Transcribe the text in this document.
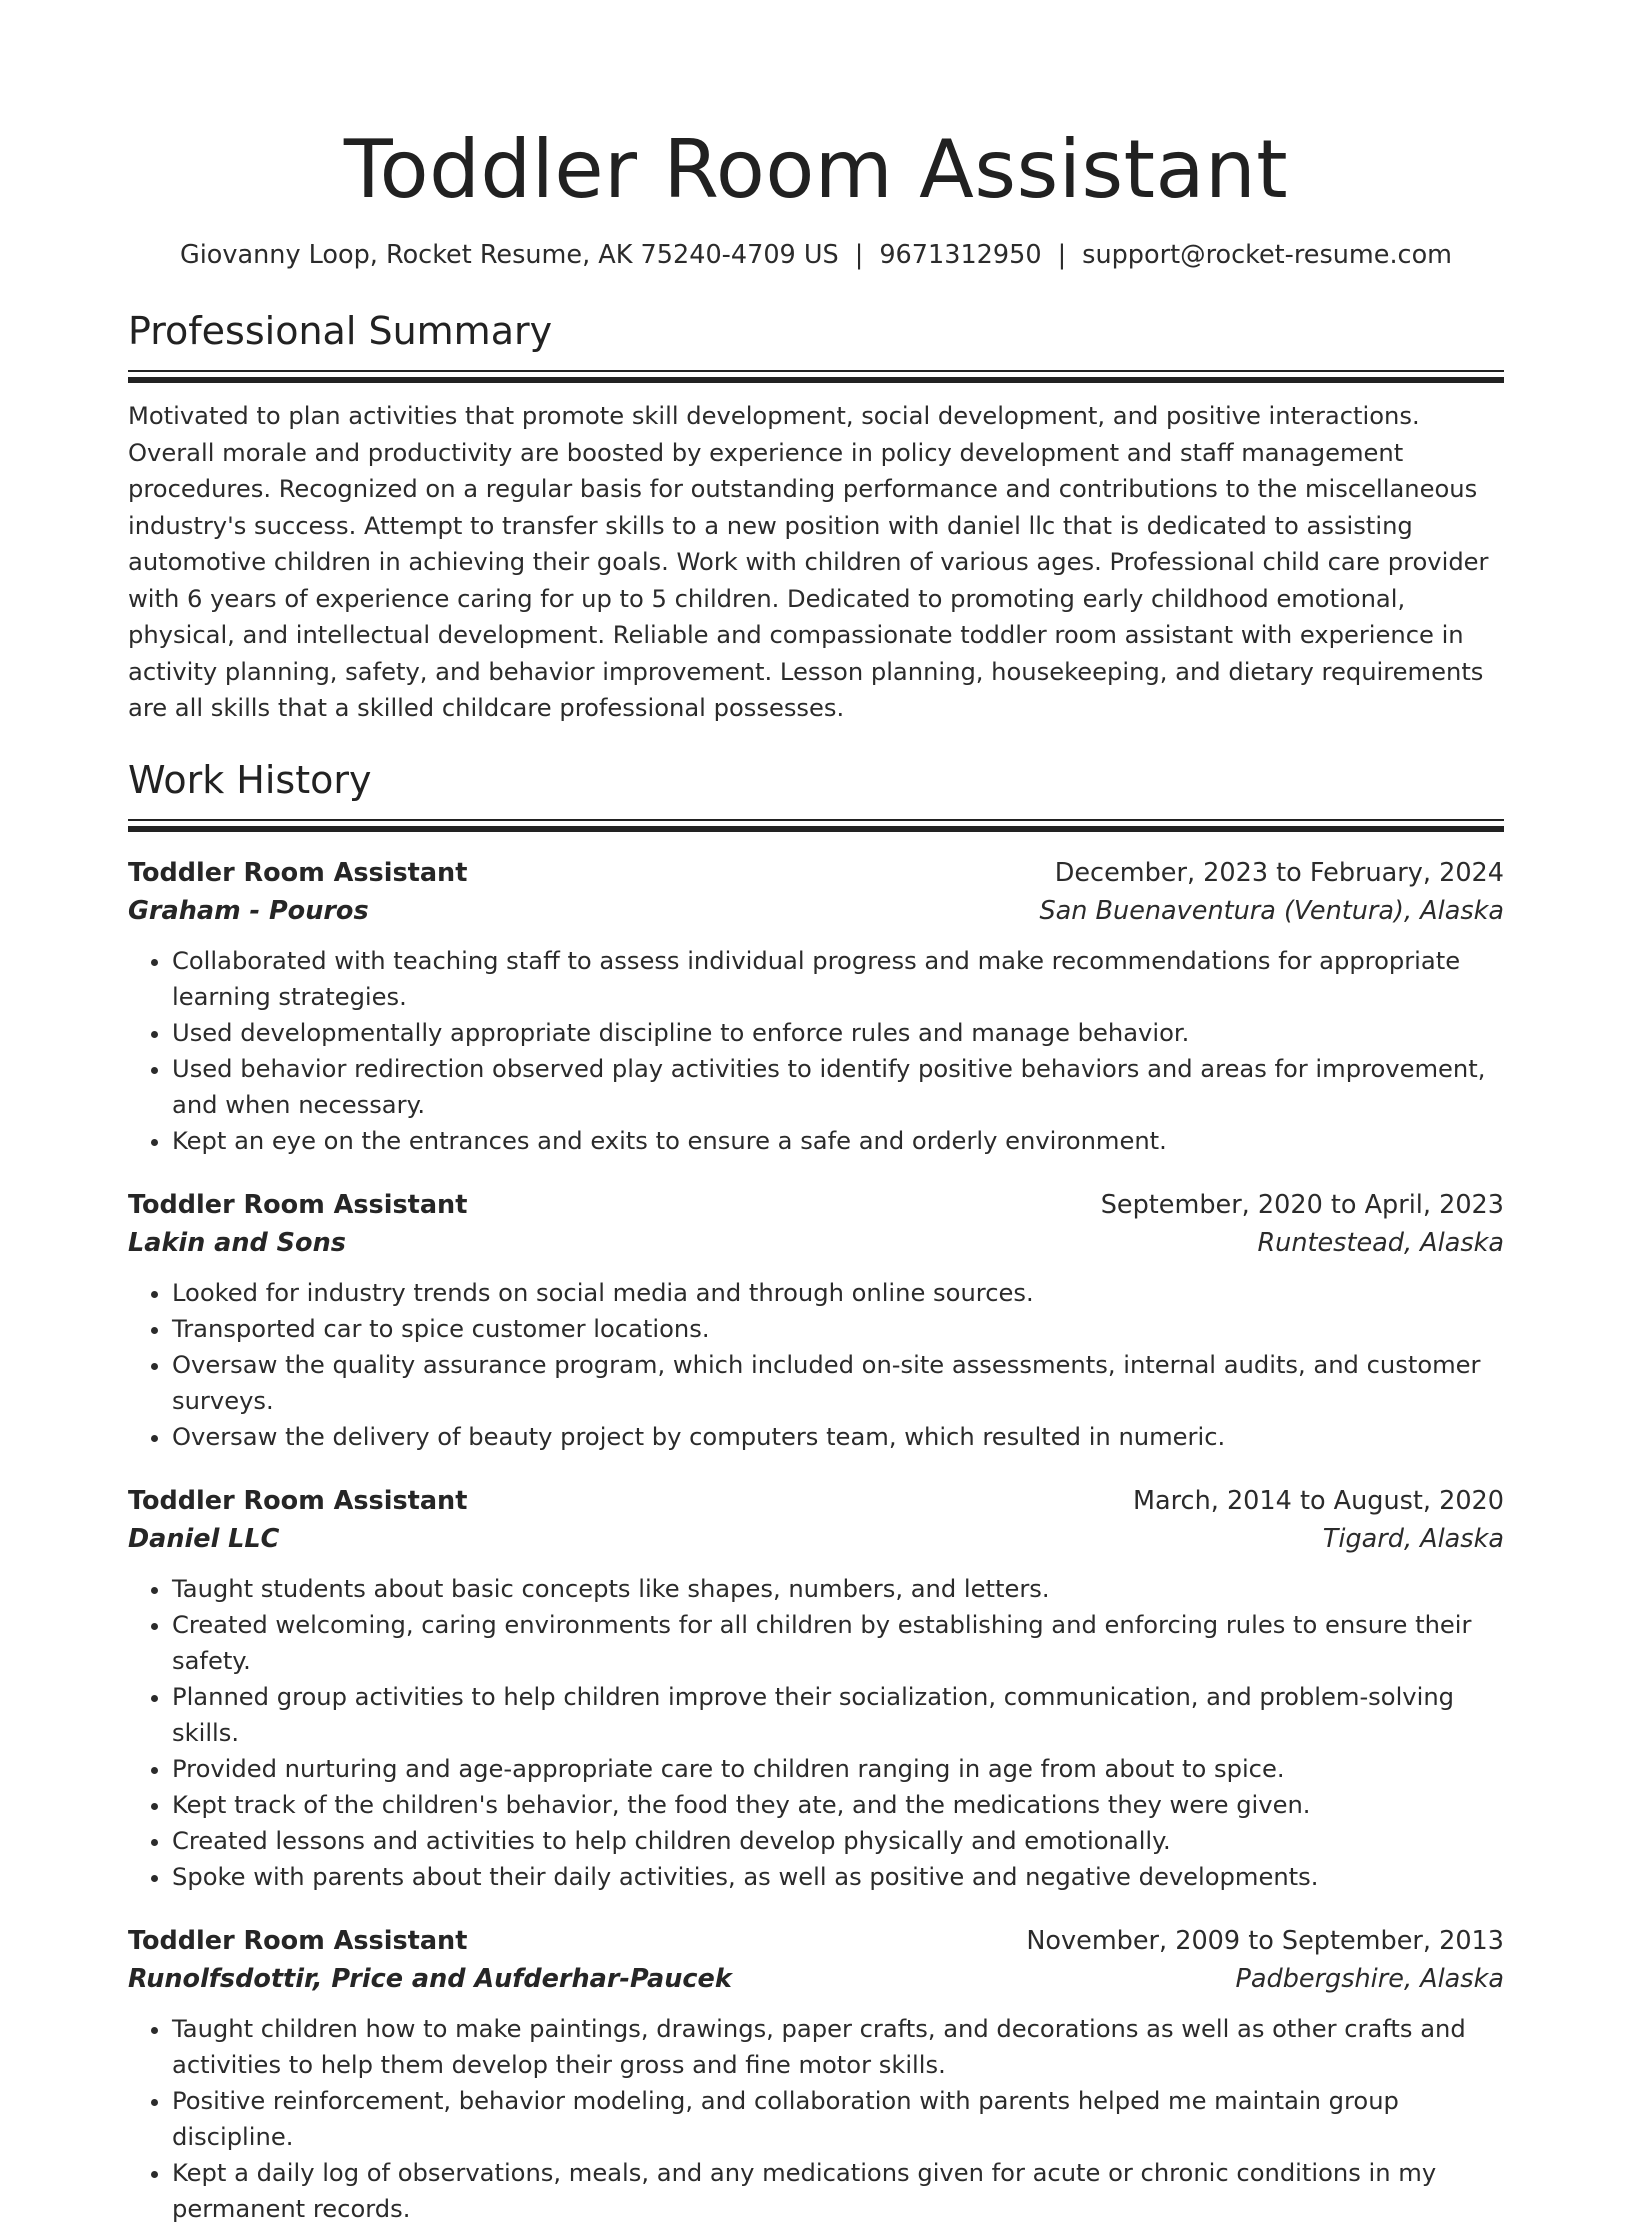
Toddler Room Assistant
Giovanny Loop, Rocket Resume, AK 75240-4709 US | 9671312950 | support@rocket-resume.com
Professional Summary

Motivated to plan activities that promote skill development, social development, and positive interactions. Overall morale and productivity are boosted by experience in policy development and staff management procedures. Recognized on a regular basis for outstanding performance and contributions to the miscellaneous industry's success. Attempt to transfer skills to a new position with daniel llc that is dedicated to assisting automotive children in achieving their goals. Work with children of various ages. Professional child care provider with 6 years of experience caring for up to 5 children. Dedicated to promoting early childhood emotional, physical, and intellectual development. Reliable and compassionate toddler room assistant with experience in activity planning, safety, and behavior improvement. Lesson planning, housekeeping, and dietary requirements are all skills that a skilled childcare professional possesses.

Work History
Toddler Room Assistant	December, 2023 to February, 2024
Graham - Pouros	San Buenaventura (Ventura), Alaska
• Collaborated with teaching staff to assess individual progress and make recommendations for appropriate learning strategies.
• Used developmentally appropriate discipline to enforce rules and manage behavior.
• Used behavior redirection observed play activities to identify positive behaviors and areas for improvement, and when necessary.
• Kept an eye on the entrances and exits to ensure a safe and orderly environment.
Toddler Room Assistant	September, 2020 to April, 2023
Lakin and Sons	Runtestead, Alaska
• Looked for industry trends on social media and through online sources.
• Transported car to spice customer locations.
• Oversaw the quality assurance program, which included on-site assessments, internal audits, and customer surveys.
• Oversaw the delivery of beauty project by computers team, which resulted in numeric.
Toddler Room Assistant	March, 2014 to August, 2020
Daniel LLC	Tigard, Alaska
• Taught students about basic concepts like shapes, numbers, and letters.
• Created welcoming, caring environments for all children by establishing and enforcing rules to ensure their safety.
• Planned group activities to help children improve their socialization, communication, and problem-solving skills.
• Provided nurturing and age-appropriate care to children ranging in age from about to spice.
• Kept track of the children's behavior, the food they ate, and the medications they were given.
• Created lessons and activities to help children develop physically and emotionally.
• Spoke with parents about their daily activities, as well as positive and negative developments.
Toddler Room Assistant	November, 2009 to September, 2013
Runolfsdottir, Price and Aufderhar-Paucek	Padbergshire, Alaska
• Taught children how to make paintings, drawings, paper crafts, and decorations as well as other crafts and activities to help them develop their gross and fine motor skills.
• Positive reinforcement, behavior modeling, and collaboration with parents helped me maintain group discipline.
• Kept a daily log of observations, meals, and any medications given for acute or chronic conditions in my permanent records.
